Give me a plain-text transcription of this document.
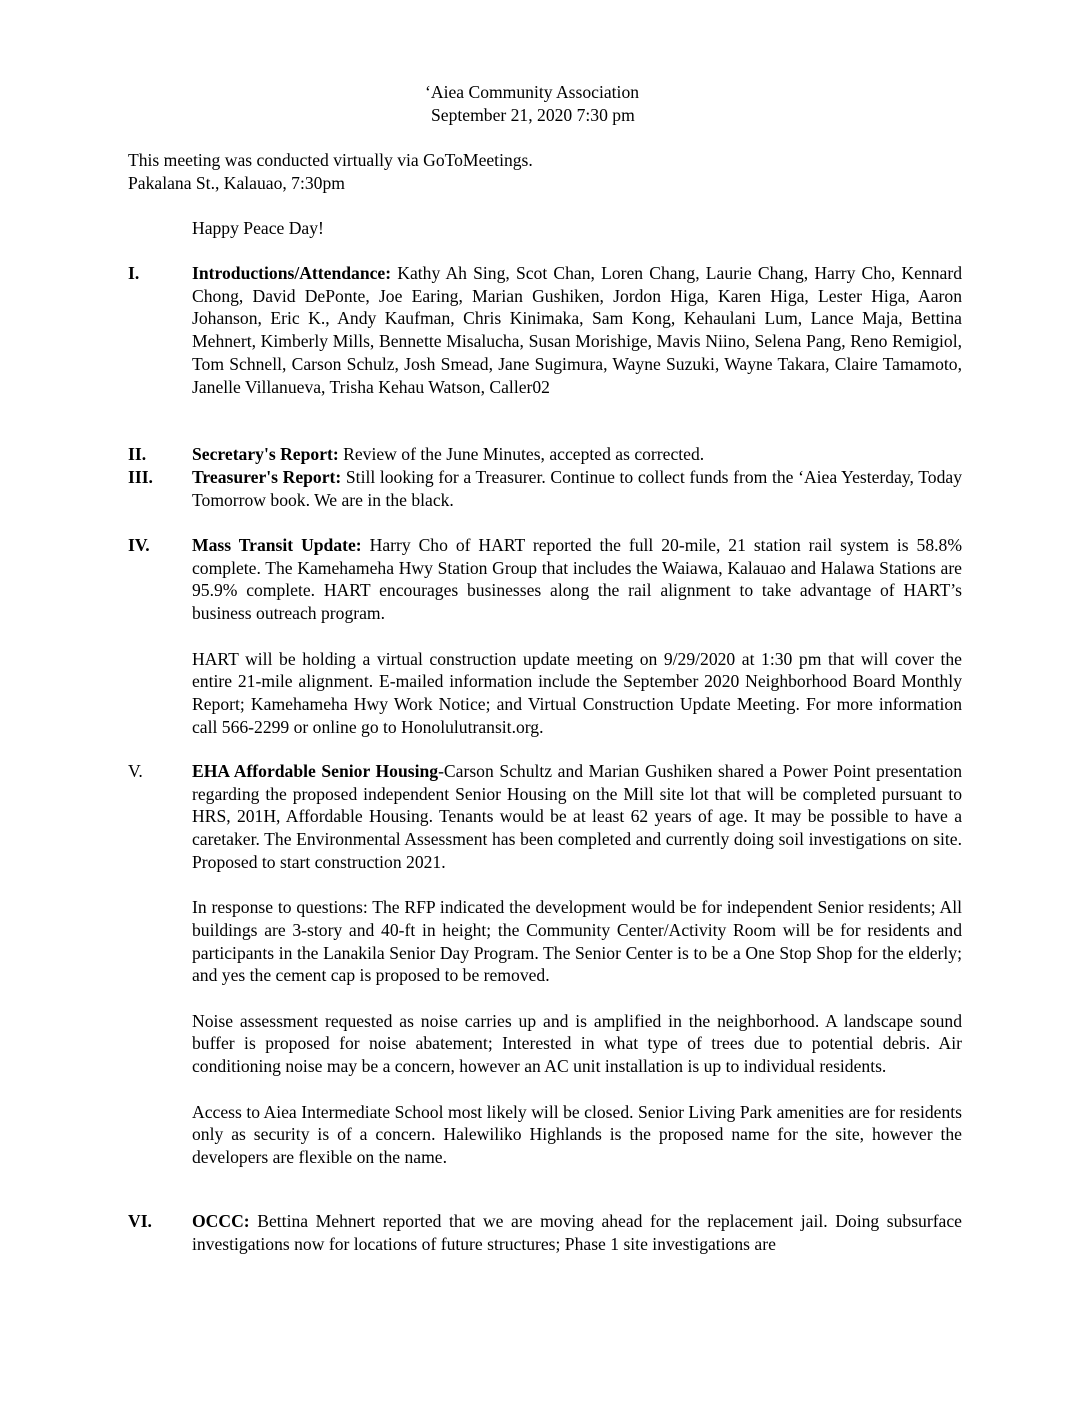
‘Aiea Community Association
September 21, 2020 7:30 pm
This meeting was conducted virtually via GoToMeetings.
Pakalana St., Kalauao, 7:30pm
Happy Peace Day!
I.	Introductions/Attendance: Kathy Ah Sing, Scot Chan, Loren Chang, Laurie Chang, Harry Cho, Kennard Chong, David DePonte, Joe Earing, Marian Gushiken, Jordon Higa, Karen Higa, Lester Higa, Aaron Johanson, Eric K., Andy Kaufman, Chris Kinimaka, Sam Kong, Kehaulani Lum, Lance Maja, Bettina Mehnert, Kimberly Mills, Bennette Misalucha, Susan Morishige, Mavis Niino, Selena Pang, Reno Remigiol, Tom Schnell, Carson Schulz, Josh Smead, Jane Sugimura, Wayne Suzuki, Wayne Takara, Claire Tamamoto, Janelle Villanueva, Trisha Kehau Watson, Caller02

II.	Secretary's Report: Review of the June Minutes, accepted as corrected.

III.	Treasurer's Report: Still looking for a Treasurer. Continue to collect funds from the ‘Aiea Yesterday, Today Tomorrow book. We are in the black.

IV.	Mass Transit Update: Harry Cho of HART reported the full 20-mile, 21 station rail system is 58.8% complete. The Kamehameha Hwy Station Group that includes the Waiawa, Kalauao and Halawa Stations are 95.9% complete. HART encourages businesses along the rail alignment to take advantage of HART’s business outreach program.

HART will be holding a virtual construction update meeting on 9/29/2020 at 1:30 pm that will cover the entire 21-mile alignment. E-mailed information include the September 2020 Neighborhood Board Monthly Report; Kamehameha Hwy Work Notice; and Virtual Construction Update Meeting. For more information call 566-2299 or online go to Honolulutransit.org.

V.	EHA Affordable Senior Housing-Carson Schultz and Marian Gushiken shared a Power Point presentation regarding the proposed independent Senior Housing on the Mill site lot that will be completed pursuant to HRS, 201H, Affordable Housing. Tenants would be at least 62 years of age. It may be possible to have a caretaker. The Environmental Assessment has been completed and currently doing soil investigations on site. Proposed to start construction 2021.

In response to questions: The RFP indicated the development would be for independent Senior residents; All buildings are 3-story and 40-ft in height; the Community Center/Activity Room will be for residents and participants in the Lanakila Senior Day Program. The Senior Center is to be a One Stop Shop for the elderly; and yes the cement cap is proposed to be removed.

Noise assessment requested as noise carries up and is amplified in the neighborhood. A landscape sound buffer is proposed for noise abatement; Interested in what type of trees due to potential debris. Air conditioning noise may be a concern, however an AC unit installation is up to individual residents.

Access to Aiea Intermediate School most likely will be closed. Senior Living Park amenities are for residents only as security is of a concern. Halewiliko Highlands is the proposed name for the site, however the developers are flexible on the name.

VI.	OCCC: Bettina Mehnert reported that we are moving ahead for the replacement jail. Doing subsurface investigations now for locations of future structures; Phase 1 site investigations are
